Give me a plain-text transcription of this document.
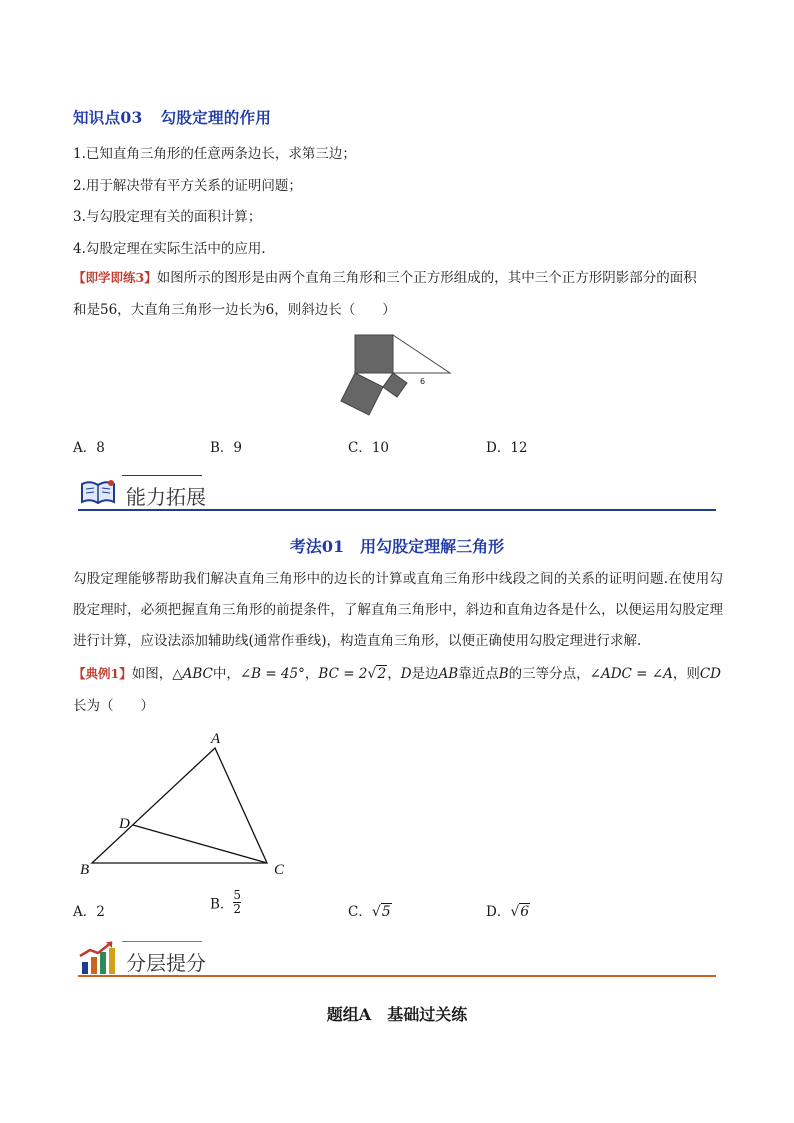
知识点03 勾股定理的作用
1.已知直角三角形的任意两条边长，求第三边；
2.用于解决带有平方关系的证明问题；
3.与勾股定理有关的面积计算；
4.勾股定理在实际生活中的应用.
【即学即练3】如图所示的图形是由两个直角三角形和三个正方形组成的，其中三个正方形阴影部分的面积
和是56，大直角三角形一边长为6，则斜边长（　　）
6
A．8	B．9	C．10	D．12
能力拓展
考法01　用勾股定理解三角形
勾股定理能够帮助我们解决直角三角形中的边长的计算或直角三角形中线段之间的关系的证明问题.在使用勾股定理时，必须把握直角三角形的前提条件，了解直角三角形中，斜边和直角边各是什么，以便运用勾股定理进行计算，应设法添加辅助线(通常作垂线)，构造直角三角形，以便正确使用勾股定理进行求解.
【典例1】如图，△ABC中，∠B = 45°，BC = 2√2，D是边AB靠近点B的三等分点，∠ADC = ∠A，则CD
长为（　　）
A
D
B	C
A．2	B． $\frac{5}{2}$	C．√5	D．√6
分层提分
题组A　基础过关练
